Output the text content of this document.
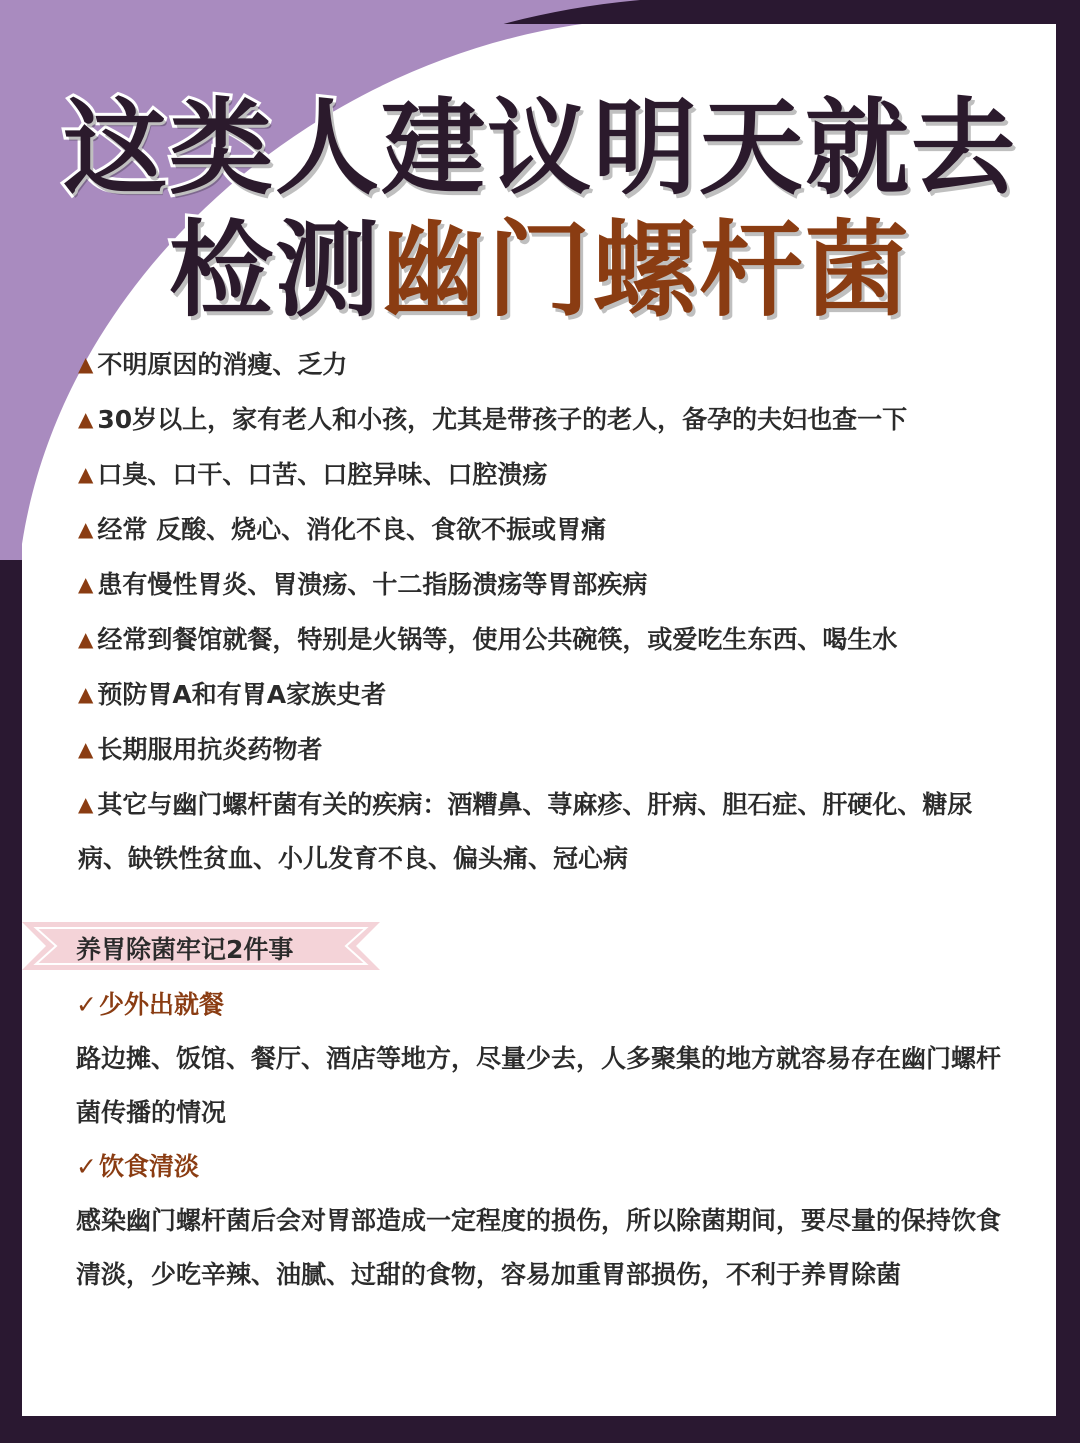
这类人建议明天就去
检测幽门螺杆菌
▲ 不明原因的消瘦、乏力
▲ 30岁以上，家有老人和小孩，尤其是带孩子的老人，备孕的夫妇也查一下
▲ 口臭、口干、口苦、口腔异味、口腔溃疡
▲ 经常 反酸、烧心、消化不良、食欲不振或胃痛
▲ 患有慢性胃炎、胃溃疡、十二指肠溃疡等胃部疾病
▲ 经常到餐馆就餐，特别是火锅等，使用公共碗筷，或爱吃生东西、喝生水
▲ 预防胃A和有胃A家族史者
▲ 长期服用抗炎药物者
▲ 其它与幽门螺杆菌有关的疾病：酒糟鼻、荨麻疹、肝病、胆石症、肝硬化、糖尿病、缺铁性贫血、小儿发育不良、偏头痛、冠心病
养胃除菌牢记2件事
✓少外出就餐
路边摊、饭馆、餐厅、酒店等地方，尽量少去，人多聚集的地方就容易存在幽门螺杆菌传播的情况
✓饮食清淡
感染幽门螺杆菌后会对胃部造成一定程度的损伤，所以除菌期间，要尽量的保持饮食清淡，少吃辛辣、油腻、过甜的食物，容易加重胃部损伤，不利于养胃除菌
